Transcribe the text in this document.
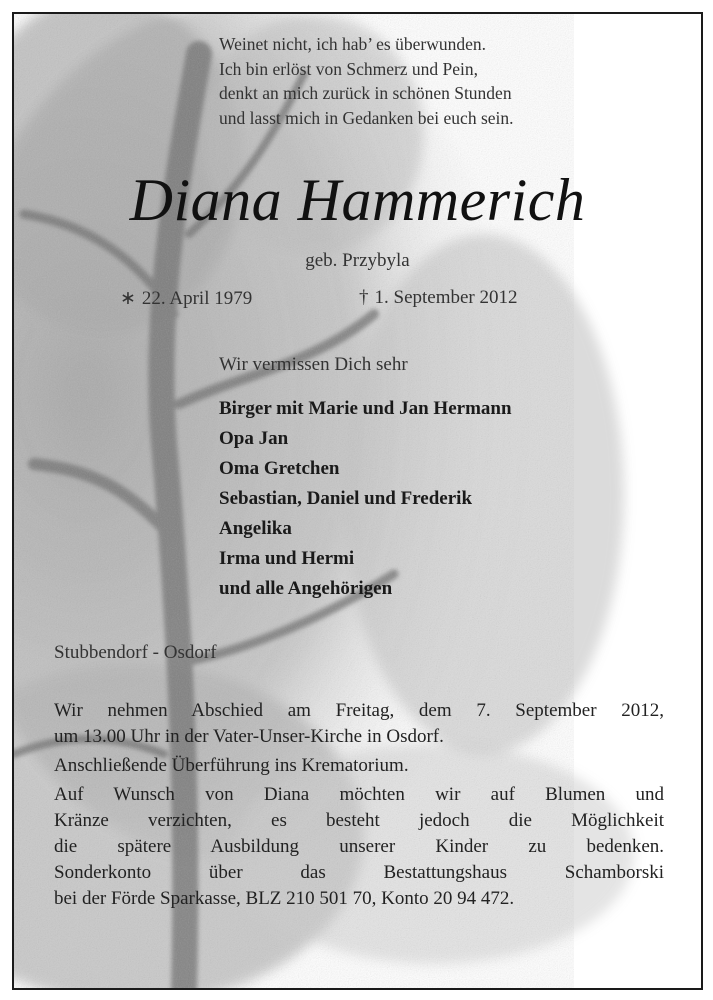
Weinet nicht, ich hab’ es überwunden.
Ich bin erlöst von Schmerz und Pein,
denkt an mich zurück in schönen Stunden
und lasst mich in Gedanken bei euch sein.
Diana Hammerich
geb. Przybyla
∗ 22. April 1979	† 1. September 2012
Wir vermissen Dich sehr
Birger mit Marie und Jan Hermann
Opa Jan
Oma Gretchen
Sebastian, Daniel und Frederik
Angelika
Irma und Hermi
und alle Angehörigen
Stubbendorf - Osdorf
Wir nehmen Abschied am Freitag, dem 7. September 2012,
um 13.00 Uhr in der Vater-Unser-Kirche in Osdorf.
Anschließende Überführung ins Krematorium.
Auf Wunsch von Diana möchten wir auf Blumen und
Kränze verzichten, es besteht jedoch die Möglichkeit
die spätere Ausbildung unserer Kinder zu bedenken.
Sonderkonto über das Bestattungshaus Schamborski
bei der Förde Sparkasse, BLZ 210 501 70, Konto 20 94 472.
